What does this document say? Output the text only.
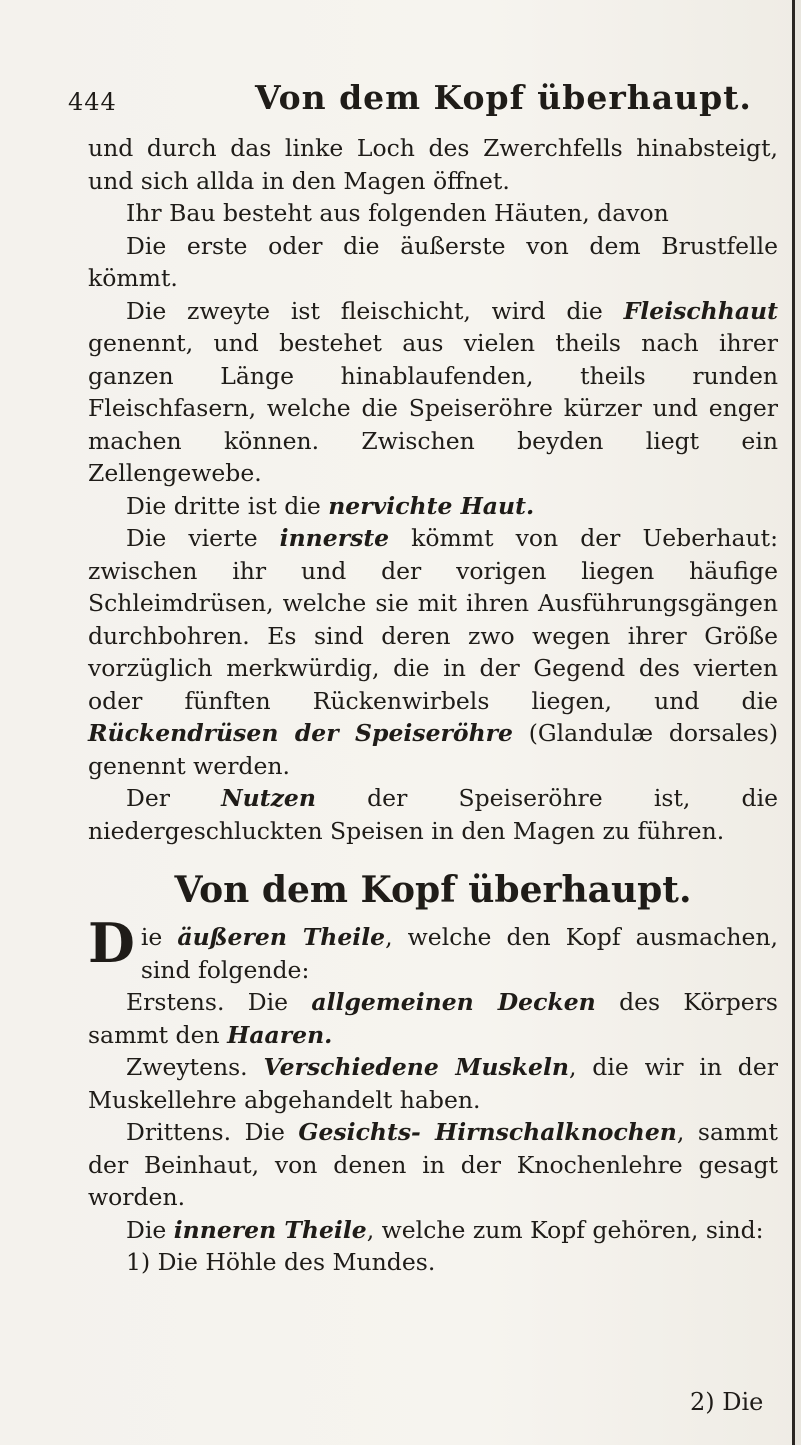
444	Von dem Kopf überhaupt.

und durch das linke Loch des Zwerchfells hinabsteigt, und sich allda in den Magen öffnet.

Ihr Bau besteht aus folgenden Häuten, davon

Die erste oder die äußerste von dem Brustfelle kömmt.

Die zweyte ist fleischicht, wird die Fleischhaut genennt, und bestehet aus vielen theils nach ihrer ganzen Länge hinablaufenden, theils runden Fleischfasern, welche die Speiseröhre kürzer und enger machen können. Zwischen beyden liegt ein Zellengewebe.

Die dritte ist die nervichte Haut.

Die vierte innerste kömmt von der Ueberhaut: zwischen ihr und der vorigen liegen häufige Schleimdrüsen, welche sie mit ihren Ausführungsgängen durchbohren. Es sind deren zwo wegen ihrer Größe vorzüglich merkwürdig, die in der Gegend des vierten oder fünften Rückenwirbels liegen, und die Rückendrüsen der Speiseröhre (Glandulæ dorsales) genennt werden.

Der Nutzen der Speiseröhre ist, die niedergeschluckten Speisen in den Magen zu führen.

Von dem Kopf überhaupt.

Die äußeren Theile, welche den Kopf ausmachen, sind folgende:

Erstens. Die allgemeinen Decken des Körpers sammt den Haaren.

Zweytens. Verschiedene Muskeln, die wir in der Muskellehre abgehandelt haben.

Drittens. Die Gesichts- Hirnschalknochen, sammt der Beinhaut, von denen in der Knochenlehre gesagt worden.

Die inneren Theile, welche zum Kopf gehören, sind:

1) Die Höhle des Mundes.

2) Die
